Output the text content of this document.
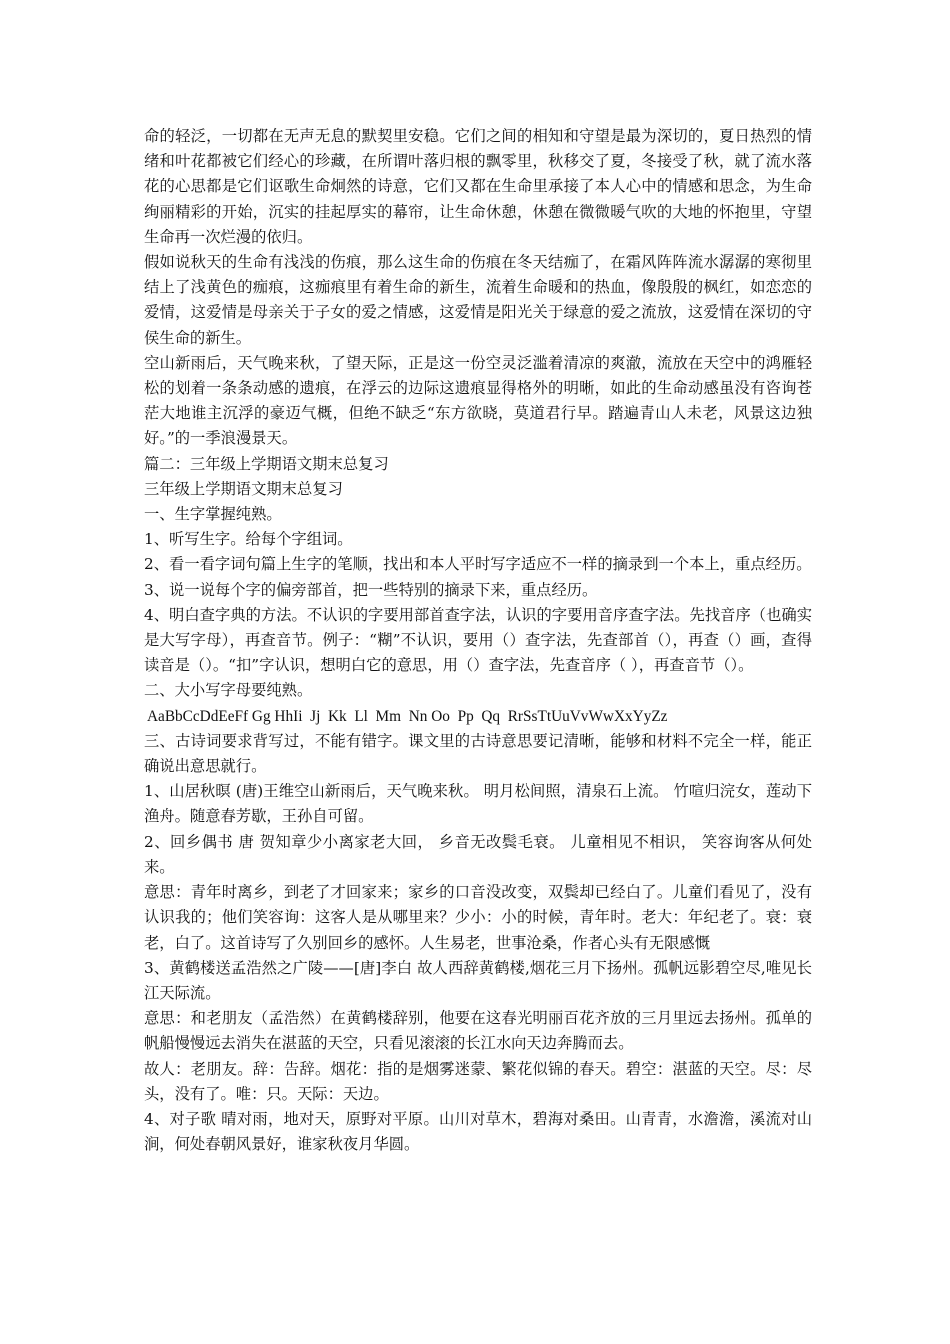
命的轻泛，一切都在无声无息的默契里安稳。它们之间的相知和守望是最为深切的，夏日热烈的情绪和叶花都被它们经心的珍藏，在所谓叶落归根的飘零里，秋移交了夏，冬接受了秋，就了流水落花的心思都是它们讴歌生命炯然的诗意，它们又都在生命里承接了本人心中的情感和思念，为生命绚丽精彩的开始，沉实的挂起厚实的幕帘，让生命休憩，休憩在微微暖气吹的大地的怀抱里，守望生命再一次烂漫的依归。

假如说秋天的生命有浅浅的伤痕，那么这生命的伤痕在冬天结痂了，在霜风阵阵流水潺潺的寒彻里结上了浅黄色的痂痕，这痂痕里有着生命的新生，流着生命暖和的热血，像殷殷的枫红，如恋恋的爱情，这爱情是母亲关于子女的爱之情感，这爱情是阳光关于绿意的爱之流放，这爱情在深切的守侯生命的新生。

空山新雨后，天气晚来秋，了望天际，正是这一份空灵泛滥着清凉的爽澈，流放在天空中的鸿雁轻松的划着一条条动感的遗痕，在浮云的边际这遗痕显得格外的明晰，如此的生命动感虽没有咨询苍茫大地谁主沉浮的豪迈气概，但绝不缺乏“东方欲晓，莫道君行早。踏遍青山人未老，风景这边独好。”的一季浪漫景天。

篇二：三年级上学期语文期末总复习

三年级上学期语文期末总复习

一、生字掌握纯熟。

1、听写生字。给每个字组词。

2、看一看字词句篇上生字的笔顺，找出和本人平时写字适应不一样的摘录到一个本上，重点经历。

3、说一说每个字的偏旁部首，把一些特别的摘录下来，重点经历。

4、明白查字典的方法。不认识的字要用部首查字法，认识的字要用音序查字法。先找音序（也确实是大写字母），再查音节。例子：“糊”不认识，要用（）查字法，先查部首（），再查（）画，查得读音是（）。“扣”字认识，想明白它的意思，用（）查字法，先查音序（ ），再查音节（）。

二、大小写字母要纯熟。

AaBbCcDdEeFf Gg HhIi  Jj  Kk  Ll  Mm  Nn Oo  Pp  Qq  RrSsTtUuVvWwXxYyZz

三、古诗词要求背写过，不能有错字。课文里的古诗意思要记清晰，能够和材料不完全一样，能正确说出意思就行。

1、山居秋暝 (唐)王维空山新雨后，天气晚来秋。 明月松间照，清泉石上流。 竹喧归浣女，莲动下渔舟。随意春芳歇，王孙自可留。

2、回乡偶书 唐 贺知章少小离家老大回， 乡音无改鬓毛衰。 儿童相见不相识， 笑容询客从何处来。

意思：青年时离乡，到老了才回家来；家乡的口音没改变，双鬓却已经白了。儿童们看见了，没有认识我的；他们笑容询：这客人是从哪里来？少小：小的时候，青年时。老大：年纪老了。衰：衰老，白了。这首诗写了久别回乡的感怀。人生易老，世事沧桑，作者心头有无限感慨

3、黄鹤楼送孟浩然之广陵——[唐]李白 故人西辞黄鹤楼,烟花三月下扬州。孤帆远影碧空尽,唯见长江天际流。

意思：和老朋友（孟浩然）在黄鹤楼辞别，他要在这春光明丽百花齐放的三月里远去扬州。孤单的帆船慢慢远去消失在湛蓝的天空，只看见滚滚的长江水向天边奔腾而去。

故人：老朋友。辞：告辞。烟花：指的是烟雾迷蒙、繁花似锦的春天。碧空：湛蓝的天空。尽：尽头，没有了。唯：只。天际：天边。

4、对子歌 晴对雨，地对天，原野对平原。山川对草木，碧海对桑田。山青青，水澹澹，溪流对山涧，何处春朝风景好，谁家秋夜月华圆。
